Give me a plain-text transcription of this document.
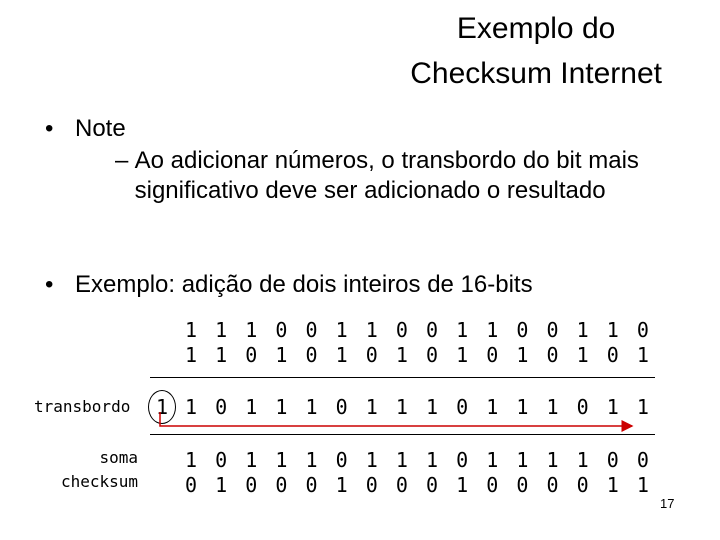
Exemplo do
Checksum Internet
• Note
– Ao adicionar números, o transbordo do bit mais significativo deve ser adicionado o resultado
• Exemplo: adição de dois inteiros de 16-bits
1 1 1 0 0 1 1 0 0 1 1 0 0 1 1 0
1 1 0 1 0 1 0 1 0 1 0 1 0 1 0 1
transbordo	1 1 0 1 1 1 0 1 1 1 0 1 1 1 0 1 1
soma
checksum
1 0 1 1 1 0 1 1 1 0 1 1 1 1 0 0
0 1 0 0 0 1 0 0 0 1 0 0 0 0 1 1
17
